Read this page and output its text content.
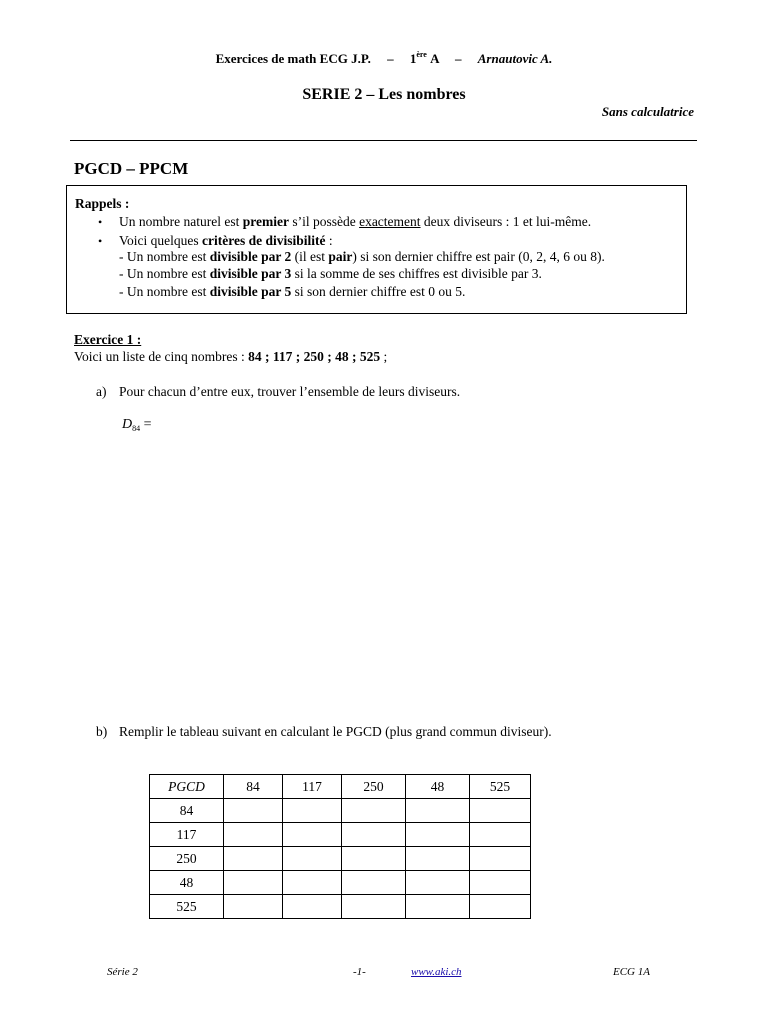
Exercices de math ECG J.P. – 1ère A – Arnautovic A.
SERIE 2 – Les nombres
Sans calculatrice
PGCD – PPCM
Rappels :
• Un nombre naturel est premier s’il possède exactement deux diviseurs : 1 et lui-même.
• Voici quelques critères de divisibilité :
- Un nombre est divisible par 2 (il est pair) si son dernier chiffre est pair (0, 2, 4, 6 ou 8).
- Un nombre est divisible par 3 si la somme de ses chiffres est divisible par 3.
- Un nombre est divisible par 5 si son dernier chiffre est 0 ou 5.
Exercice 1 :
Voici un liste de cinq nombres : 84 ; 117 ; 250 ; 48 ; 525 ;
a) Pour chacun d’entre eux, trouver l’ensemble de leurs diviseurs.
$D_{84}$ =
b) Remplir le tableau suivant en calculant le PGCD (plus grand commun diviseur).
PGCD	84	117	250	48	525
84					
117					
250					
48					
525					
Série 2	-1-	www.aki.ch	ECG 1A
